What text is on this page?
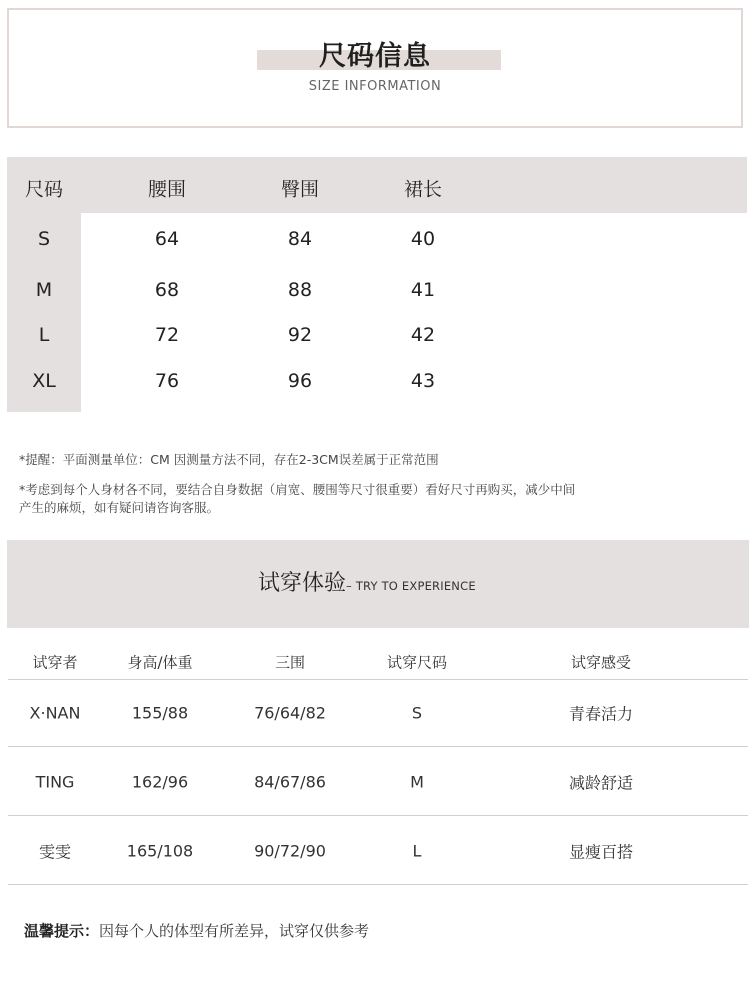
尺码信息
SIZE INFORMATION
尺码	腰围	臀围	裙长
S	64	84	40
M	68	88	41
L	72	92	42
XL	76	96	43
*提醒：平面测量单位：CM 因测量方法不同，存在2-3CM误差属于正常范围
*考虑到每个人身材各不同，要结合自身数据（肩宽、腰围等尺寸很重要）看好尺寸再购买，减少中间
产生的麻烦，如有疑问请咨询客服。
试穿体验– TRY TO EXPERIENCE
试穿者	身高/体重	三围	试穿尺码	试穿感受
X·NAN	155/88	76/64/82	S	青春活力
TING	162/96	84/67/86	M	减龄舒适
雯雯	165/108	90/72/90	L	显瘦百搭
温馨提示：因每个人的体型有所差异，试穿仅供参考
